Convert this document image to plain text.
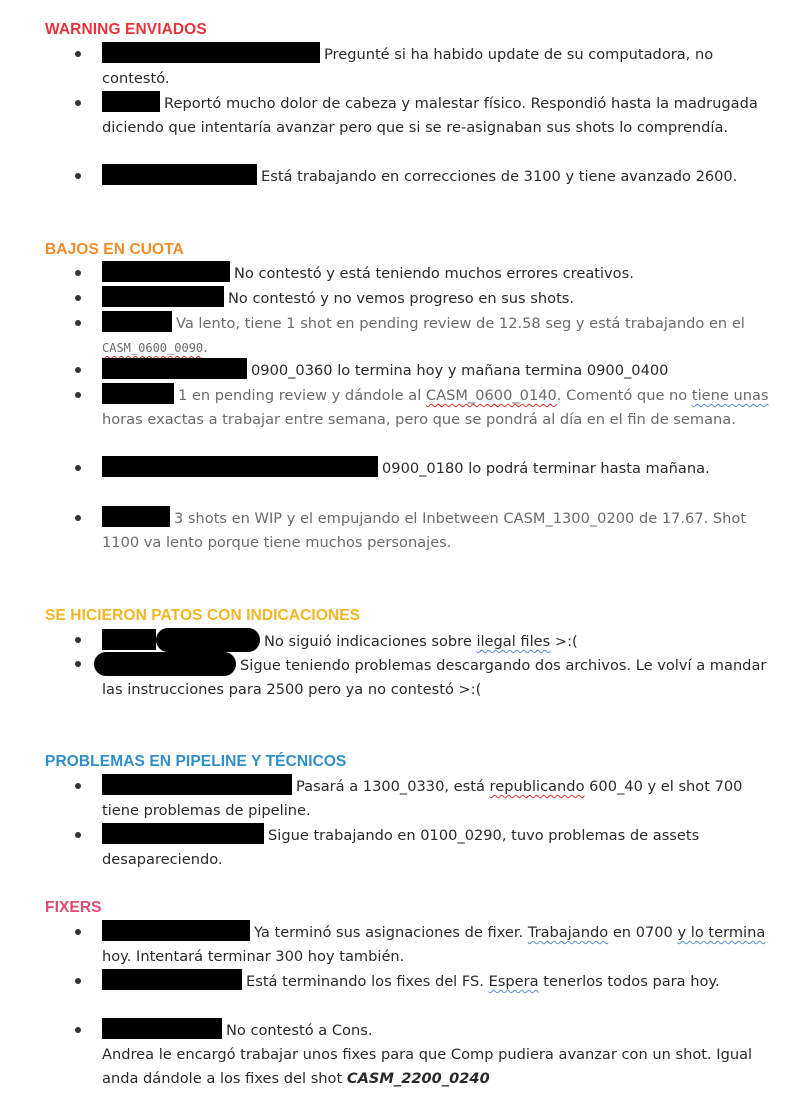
WARNING ENVIADOS

Pregunté si ha habido update de su computadora, no contestó.

Reportó mucho dolor de cabeza y malestar físico. Respondió hasta la madrugada diciendo que intentaría avanzar pero que si se re-asignaban sus shots lo comprendía.

Está trabajando en correcciones de 3100 y tiene avanzado 2600.

BAJOS EN CUOTA

No contestó y está teniendo muchos errores creativos.

No contestó y no vemos progreso en sus shots.

Va lento, tiene 1 shot en pending review de 12.58 seg y está trabajando en el CASM_0600_0090.

0900_0360 lo termina hoy y mañana termina 0900_0400

1 en pending review y dándole al CASM_0600_0140. Comentó que no tiene unas horas exactas a trabajar entre semana, pero que se pondrá al día en el fin de semana.

0900_0180 lo podrá terminar hasta mañana.

3 shots en WIP y el empujando el Inbetween CASM_1300_0200 de 17.67. Shot 1100 va lento porque tiene muchos personajes.

SE HICIERON PATOS CON INDICACIONES

No siguió indicaciones sobre ilegal files >:(

Sigue teniendo problemas descargando dos archivos. Le volví a mandar las instrucciones para 2500 pero ya no contestó >:(

PROBLEMAS EN PIPELINE Y TÉCNICOS

Pasará a 1300_0330, está republicando 600_40 y el shot 700 tiene problemas de pipeline.

Sigue trabajando en 0100_0290, tuvo problemas de assets desapareciendo.

FIXERS

Ya terminó sus asignaciones de fixer. Trabajando en 0700 y lo termina hoy. Intentará terminar 300 hoy también.

Está terminando los fixes del FS. Espera tenerlos todos para hoy.

No contestó a Cons.
Andrea le encargó trabajar unos fixes para que Comp pudiera avanzar con un shot. Igual anda dándole a los fixes del shot CASM_2200_0240
